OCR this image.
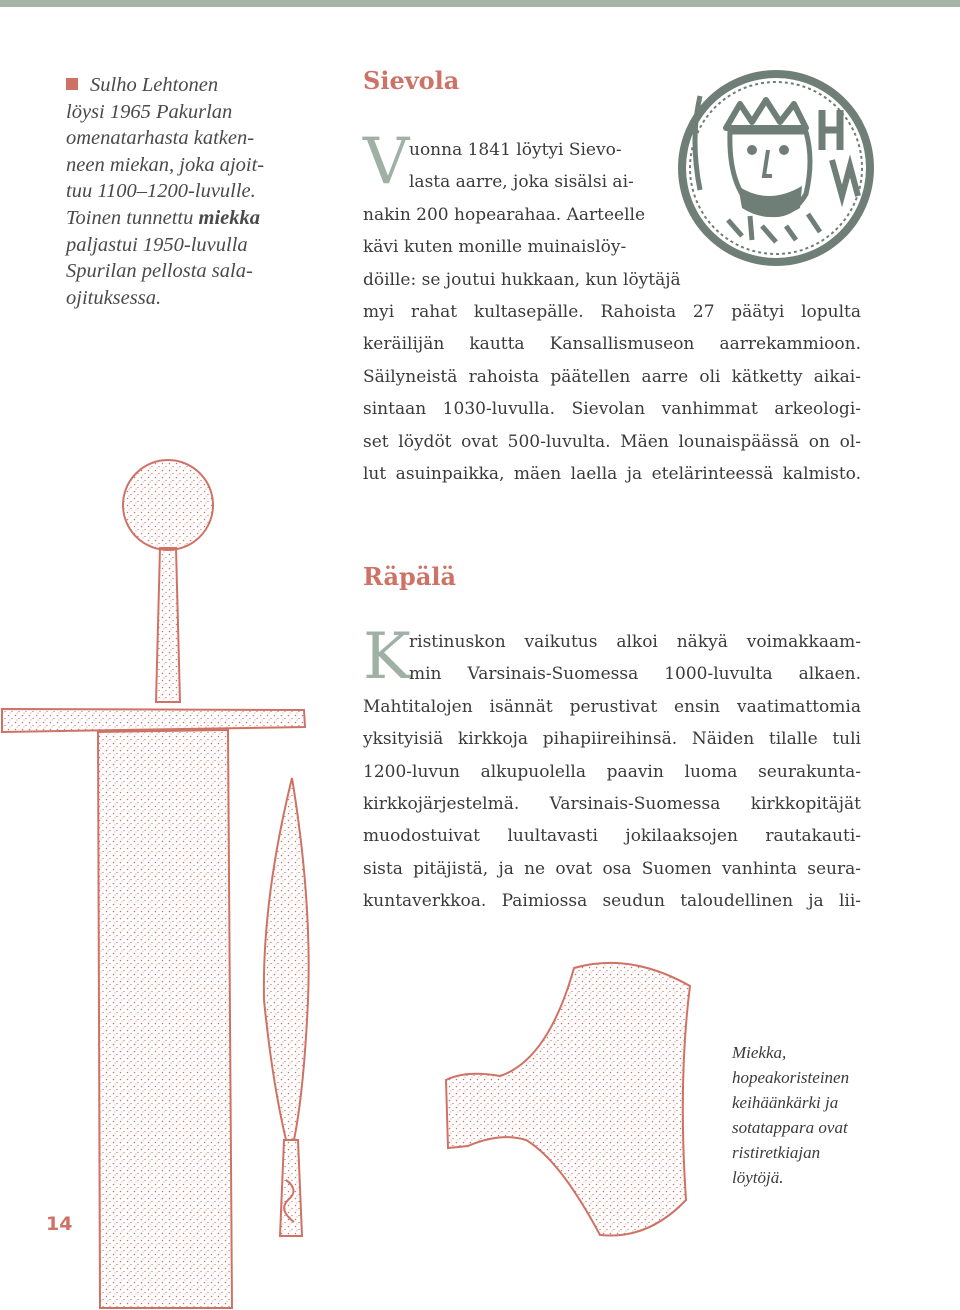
Sulho Lehtonen

löysi 1965 Pakurlan

omenatarhasta katken-

neen miekan, joka ajoit-

tuu 1100–1200-luvulle.

Toinen tunnettu miekka

paljastui 1950-luvulla

Spurilan pellosta sala-

ojituksessa.

Sievola
V uonna 1841 löytyi Sievo-
lasta aarre, joka sisälsi ai-
nakin 200 hopearahaa. Aarteelle
kävi kuten monille muinaislöy-
döille: se joutui hukkaan, kun löytäjä
myi rahat kultasepälle. Rahoista 27 päätyi lopulta
keräilijän kautta Kansallismuseon aarrekammioon.
Säilyneistä rahoista päätellen aarre oli kätketty aikai-
sintaan 1030-luvulla. Sievolan vanhimmat arkeologi-
set löydöt ovat 500-luvulta. Mäen lounaispäässä on ol-
lut asuinpaikka, mäen laella ja etelärinteessä kalmisto.
Räpälä
K
ristinuskon vaikutus alkoi näkyä voimakkaam-
min Varsinais-Suomessa 1000-luvulta alkaen.
Mahtitalojen isännät perustivat ensin vaatimattomia
yksityisiä kirkkoja pihapiireihinsä. Näiden tilalle tuli
1200-luvun alkupuolella paavin luoma seurakunta-
kirkkojärjestelmä. Varsinais-Suomessa kirkkopitäjät
muodostuivat luultavasti jokilaaksojen rautakauti-
sista pitäjistä, ja ne ovat osa Suomen vanhinta seura-
kuntaverkkoa. Paimiossa seudun taloudellinen ja lii-
Miekka,
hopeakoristeinen
keihäänkärki ja
sotatappara ovat
ristiretkiajan
löytöjä.
14
